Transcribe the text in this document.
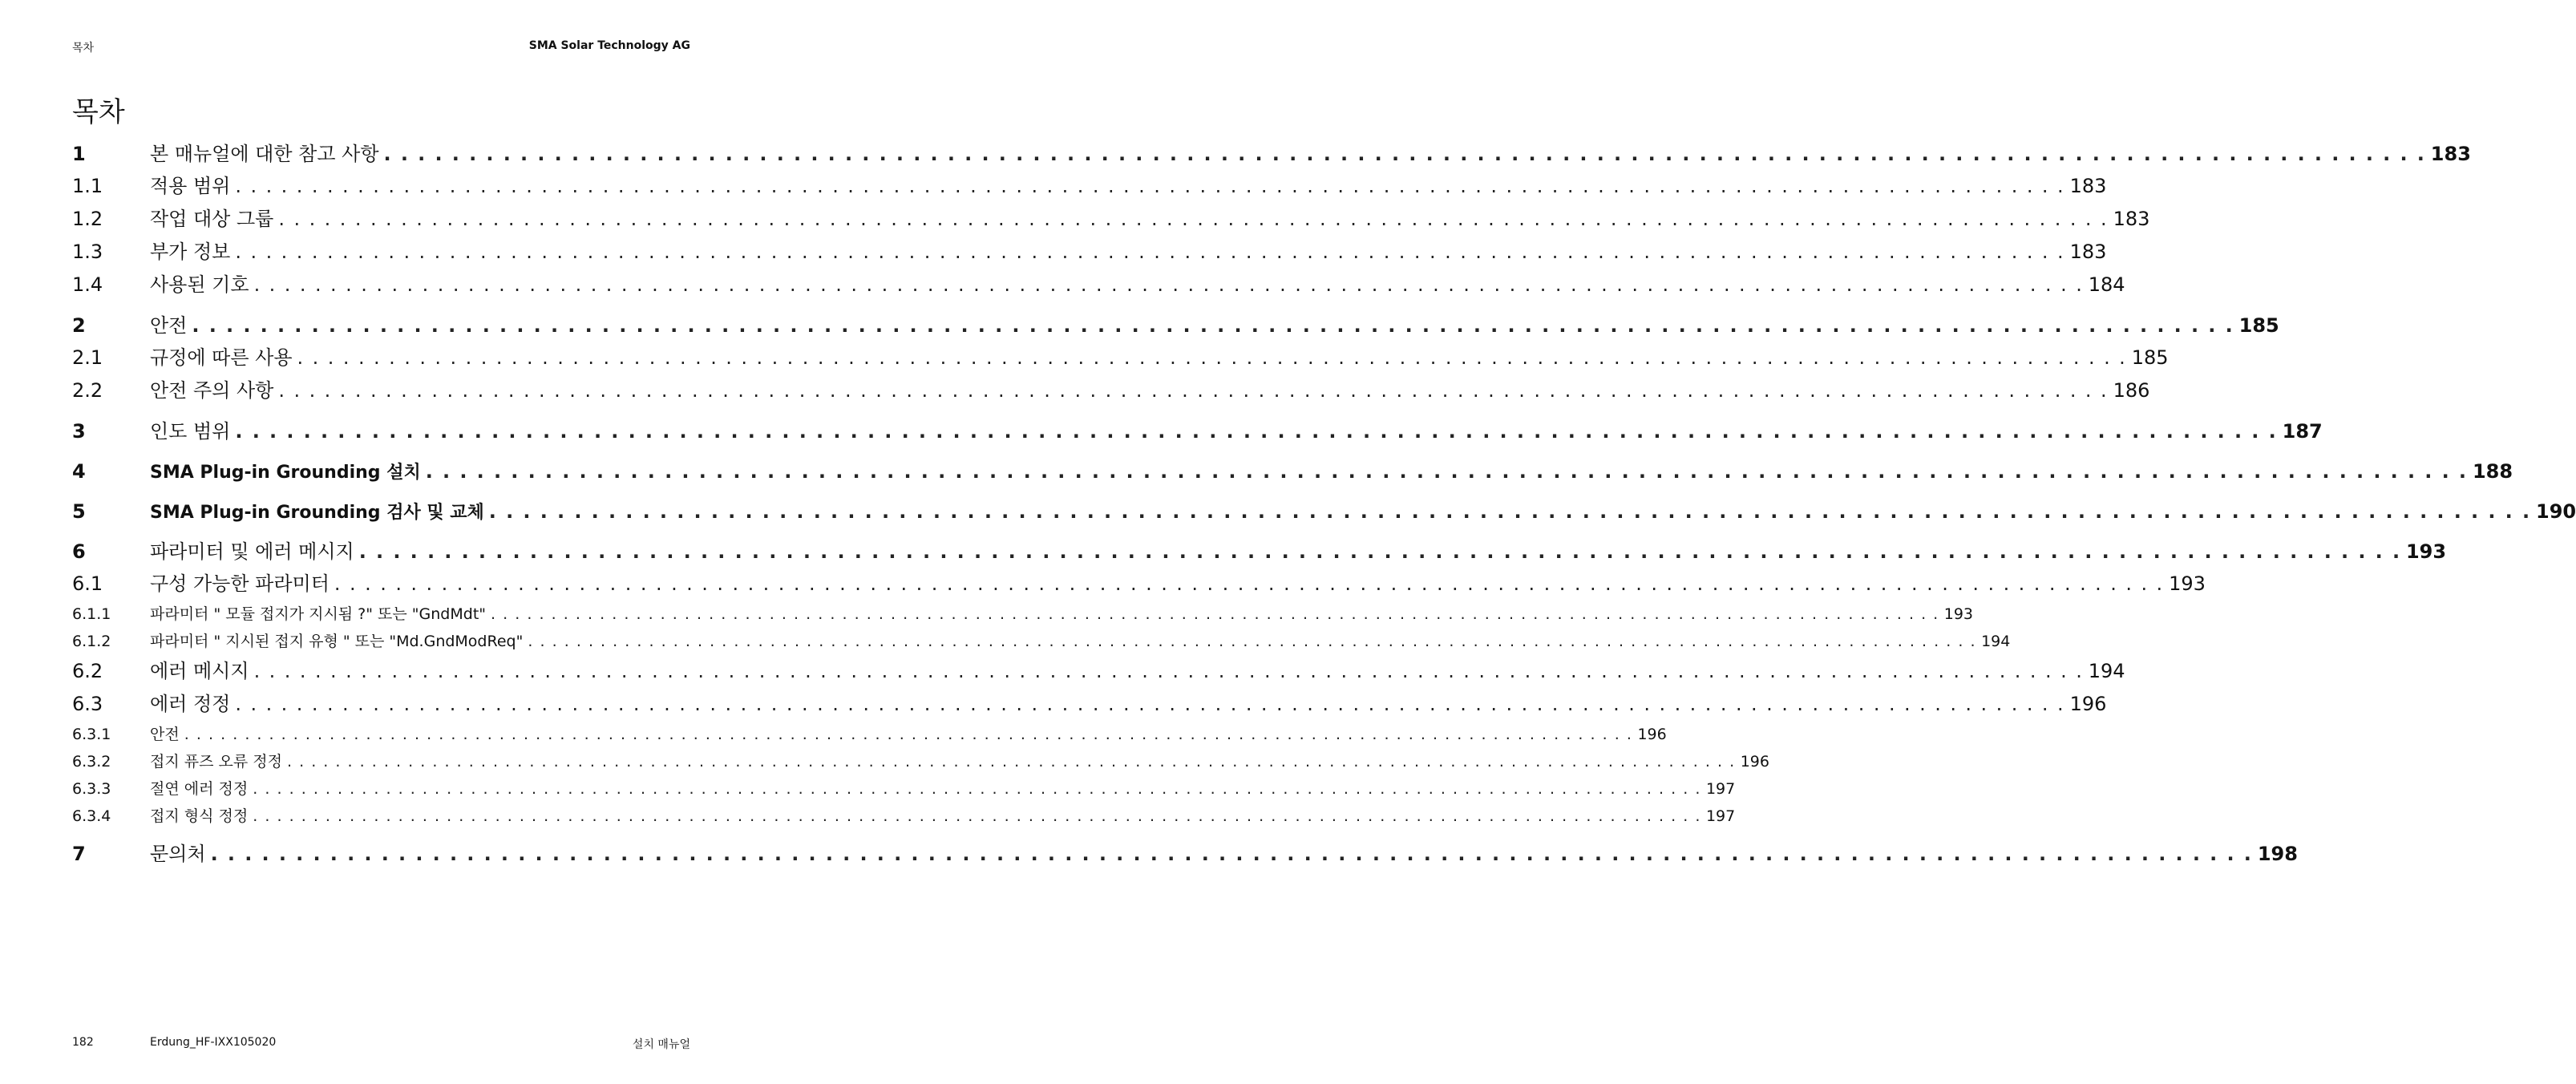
목차	SMA Solar Technology AG
목차
1	본 매뉴얼에 대한 참고 사항 . . . . . . . . . . . . . . . . . . . . . . . . . . . . . . . . . . . . . . . . . . . . . . . . . . . . . . . . . . . . . . . . . . . . . . . . . . . . . . . . . . . . . . . . . . . . . . . . . . . . . . . . . . . . . . . . . . . . . . . . 183
1.1	적용 범위 . . . . . . . . . . . . . . . . . . . . . . . . . . . . . . . . . . . . . . . . . . . . . . . . . . . . . . . . . . . . . . . . . . . . . . . . . . . . . . . . . . . . . . . . . . . . . . . . . . . . . . . . . . . . . . . . . . . . . . . . 183
1.2	작업 대상 그룹 . . . . . . . . . . . . . . . . . . . . . . . . . . . . . . . . . . . . . . . . . . . . . . . . . . . . . . . . . . . . . . . . . . . . . . . . . . . . . . . . . . . . . . . . . . . . . . . . . . . . . . . . . . . . . . . . . . . . . . . . 183
1.3	부가 정보 . . . . . . . . . . . . . . . . . . . . . . . . . . . . . . . . . . . . . . . . . . . . . . . . . . . . . . . . . . . . . . . . . . . . . . . . . . . . . . . . . . . . . . . . . . . . . . . . . . . . . . . . . . . . . . . . . . . . . . . . 183
1.4	사용된 기호 . . . . . . . . . . . . . . . . . . . . . . . . . . . . . . . . . . . . . . . . . . . . . . . . . . . . . . . . . . . . . . . . . . . . . . . . . . . . . . . . . . . . . . . . . . . . . . . . . . . . . . . . . . . . . . . . . . . . . . . . 184
2	안전 . . . . . . . . . . . . . . . . . . . . . . . . . . . . . . . . . . . . . . . . . . . . . . . . . . . . . . . . . . . . . . . . . . . . . . . . . . . . . . . . . . . . . . . . . . . . . . . . . . . . . . . . . . . . . . . . . . . . . . . . 185
2.1	규정에 따른 사용 . . . . . . . . . . . . . . . . . . . . . . . . . . . . . . . . . . . . . . . . . . . . . . . . . . . . . . . . . . . . . . . . . . . . . . . . . . . . . . . . . . . . . . . . . . . . . . . . . . . . . . . . . . . . . . . . . . . . . . . . 185
2.2	안전 주의 사항 . . . . . . . . . . . . . . . . . . . . . . . . . . . . . . . . . . . . . . . . . . . . . . . . . . . . . . . . . . . . . . . . . . . . . . . . . . . . . . . . . . . . . . . . . . . . . . . . . . . . . . . . . . . . . . . . . . . . . . . . 186
3	인도 범위 . . . . . . . . . . . . . . . . . . . . . . . . . . . . . . . . . . . . . . . . . . . . . . . . . . . . . . . . . . . . . . . . . . . . . . . . . . . . . . . . . . . . . . . . . . . . . . . . . . . . . . . . . . . . . . . . . . . . . . . . 187
4	SMA Plug-in Grounding 설치 . . . . . . . . . . . . . . . . . . . . . . . . . . . . . . . . . . . . . . . . . . . . . . . . . . . . . . . . . . . . . . . . . . . . . . . . . . . . . . . . . . . . . . . . . . . . . . . . . . . . . . . . . . . . . . . . . . . . . . . . 188
5	SMA Plug-in Grounding 검사 및 교체 . . . . . . . . . . . . . . . . . . . . . . . . . . . . . . . . . . . . . . . . . . . . . . . . . . . . . . . . . . . . . . . . . . . . . . . . . . . . . . . . . . . . . . . . . . . . . . . . . . . . . . . . . . . . . . . . . . . . . . . . 190
6	파라미터 및 에러 메시지 . . . . . . . . . . . . . . . . . . . . . . . . . . . . . . . . . . . . . . . . . . . . . . . . . . . . . . . . . . . . . . . . . . . . . . . . . . . . . . . . . . . . . . . . . . . . . . . . . . . . . . . . . . . . . . . . . . . . . . . . 193
6.1	구성 가능한 파라미터 . . . . . . . . . . . . . . . . . . . . . . . . . . . . . . . . . . . . . . . . . . . . . . . . . . . . . . . . . . . . . . . . . . . . . . . . . . . . . . . . . . . . . . . . . . . . . . . . . . . . . . . . . . . . . . . . . . . . . . . . 193
6.1.1	파라미터 " 모듈 접지가 지시됨 ?" 또는 "GndMdt" . . . . . . . . . . . . . . . . . . . . . . . . . . . . . . . . . . . . . . . . . . . . . . . . . . . . . . . . . . . . . . . . . . . . . . . . . . . . . . . . . . . . . . . . . . . . . . . . . . . . . . . . . . . . . . . . . . . . . . . . 193
6.1.2	파라미터 " 지시된 접지 유형 " 또는 "Md.GndModReq" . . . . . . . . . . . . . . . . . . . . . . . . . . . . . . . . . . . . . . . . . . . . . . . . . . . . . . . . . . . . . . . . . . . . . . . . . . . . . . . . . . . . . . . . . . . . . . . . . . . . . . . . . . . . . . . . . . . . . . . . 194
6.2	에러 메시지 . . . . . . . . . . . . . . . . . . . . . . . . . . . . . . . . . . . . . . . . . . . . . . . . . . . . . . . . . . . . . . . . . . . . . . . . . . . . . . . . . . . . . . . . . . . . . . . . . . . . . . . . . . . . . . . . . . . . . . . . 194
6.3	에러 정정 . . . . . . . . . . . . . . . . . . . . . . . . . . . . . . . . . . . . . . . . . . . . . . . . . . . . . . . . . . . . . . . . . . . . . . . . . . . . . . . . . . . . . . . . . . . . . . . . . . . . . . . . . . . . . . . . . . . . . . . . 196
6.3.1	안전 . . . . . . . . . . . . . . . . . . . . . . . . . . . . . . . . . . . . . . . . . . . . . . . . . . . . . . . . . . . . . . . . . . . . . . . . . . . . . . . . . . . . . . . . . . . . . . . . . . . . . . . . . . . . . . . . . . . . . . . . 196
6.3.2	접지 퓨즈 오류 정정 . . . . . . . . . . . . . . . . . . . . . . . . . . . . . . . . . . . . . . . . . . . . . . . . . . . . . . . . . . . . . . . . . . . . . . . . . . . . . . . . . . . . . . . . . . . . . . . . . . . . . . . . . . . . . . . . . . . . . . . . 196
6.3.3	절연 에러 정정 . . . . . . . . . . . . . . . . . . . . . . . . . . . . . . . . . . . . . . . . . . . . . . . . . . . . . . . . . . . . . . . . . . . . . . . . . . . . . . . . . . . . . . . . . . . . . . . . . . . . . . . . . . . . . . . . . . . . . . . . 197
6.3.4	접지 형식 정정 . . . . . . . . . . . . . . . . . . . . . . . . . . . . . . . . . . . . . . . . . . . . . . . . . . . . . . . . . . . . . . . . . . . . . . . . . . . . . . . . . . . . . . . . . . . . . . . . . . . . . . . . . . . . . . . . . . . . . . . . 197
7	문의처 . . . . . . . . . . . . . . . . . . . . . . . . . . . . . . . . . . . . . . . . . . . . . . . . . . . . . . . . . . . . . . . . . . . . . . . . . . . . . . . . . . . . . . . . . . . . . . . . . . . . . . . . . . . . . . . . . . . . . . . . 198
182	Erdung_HF-IXX105020	설치 매뉴얼
